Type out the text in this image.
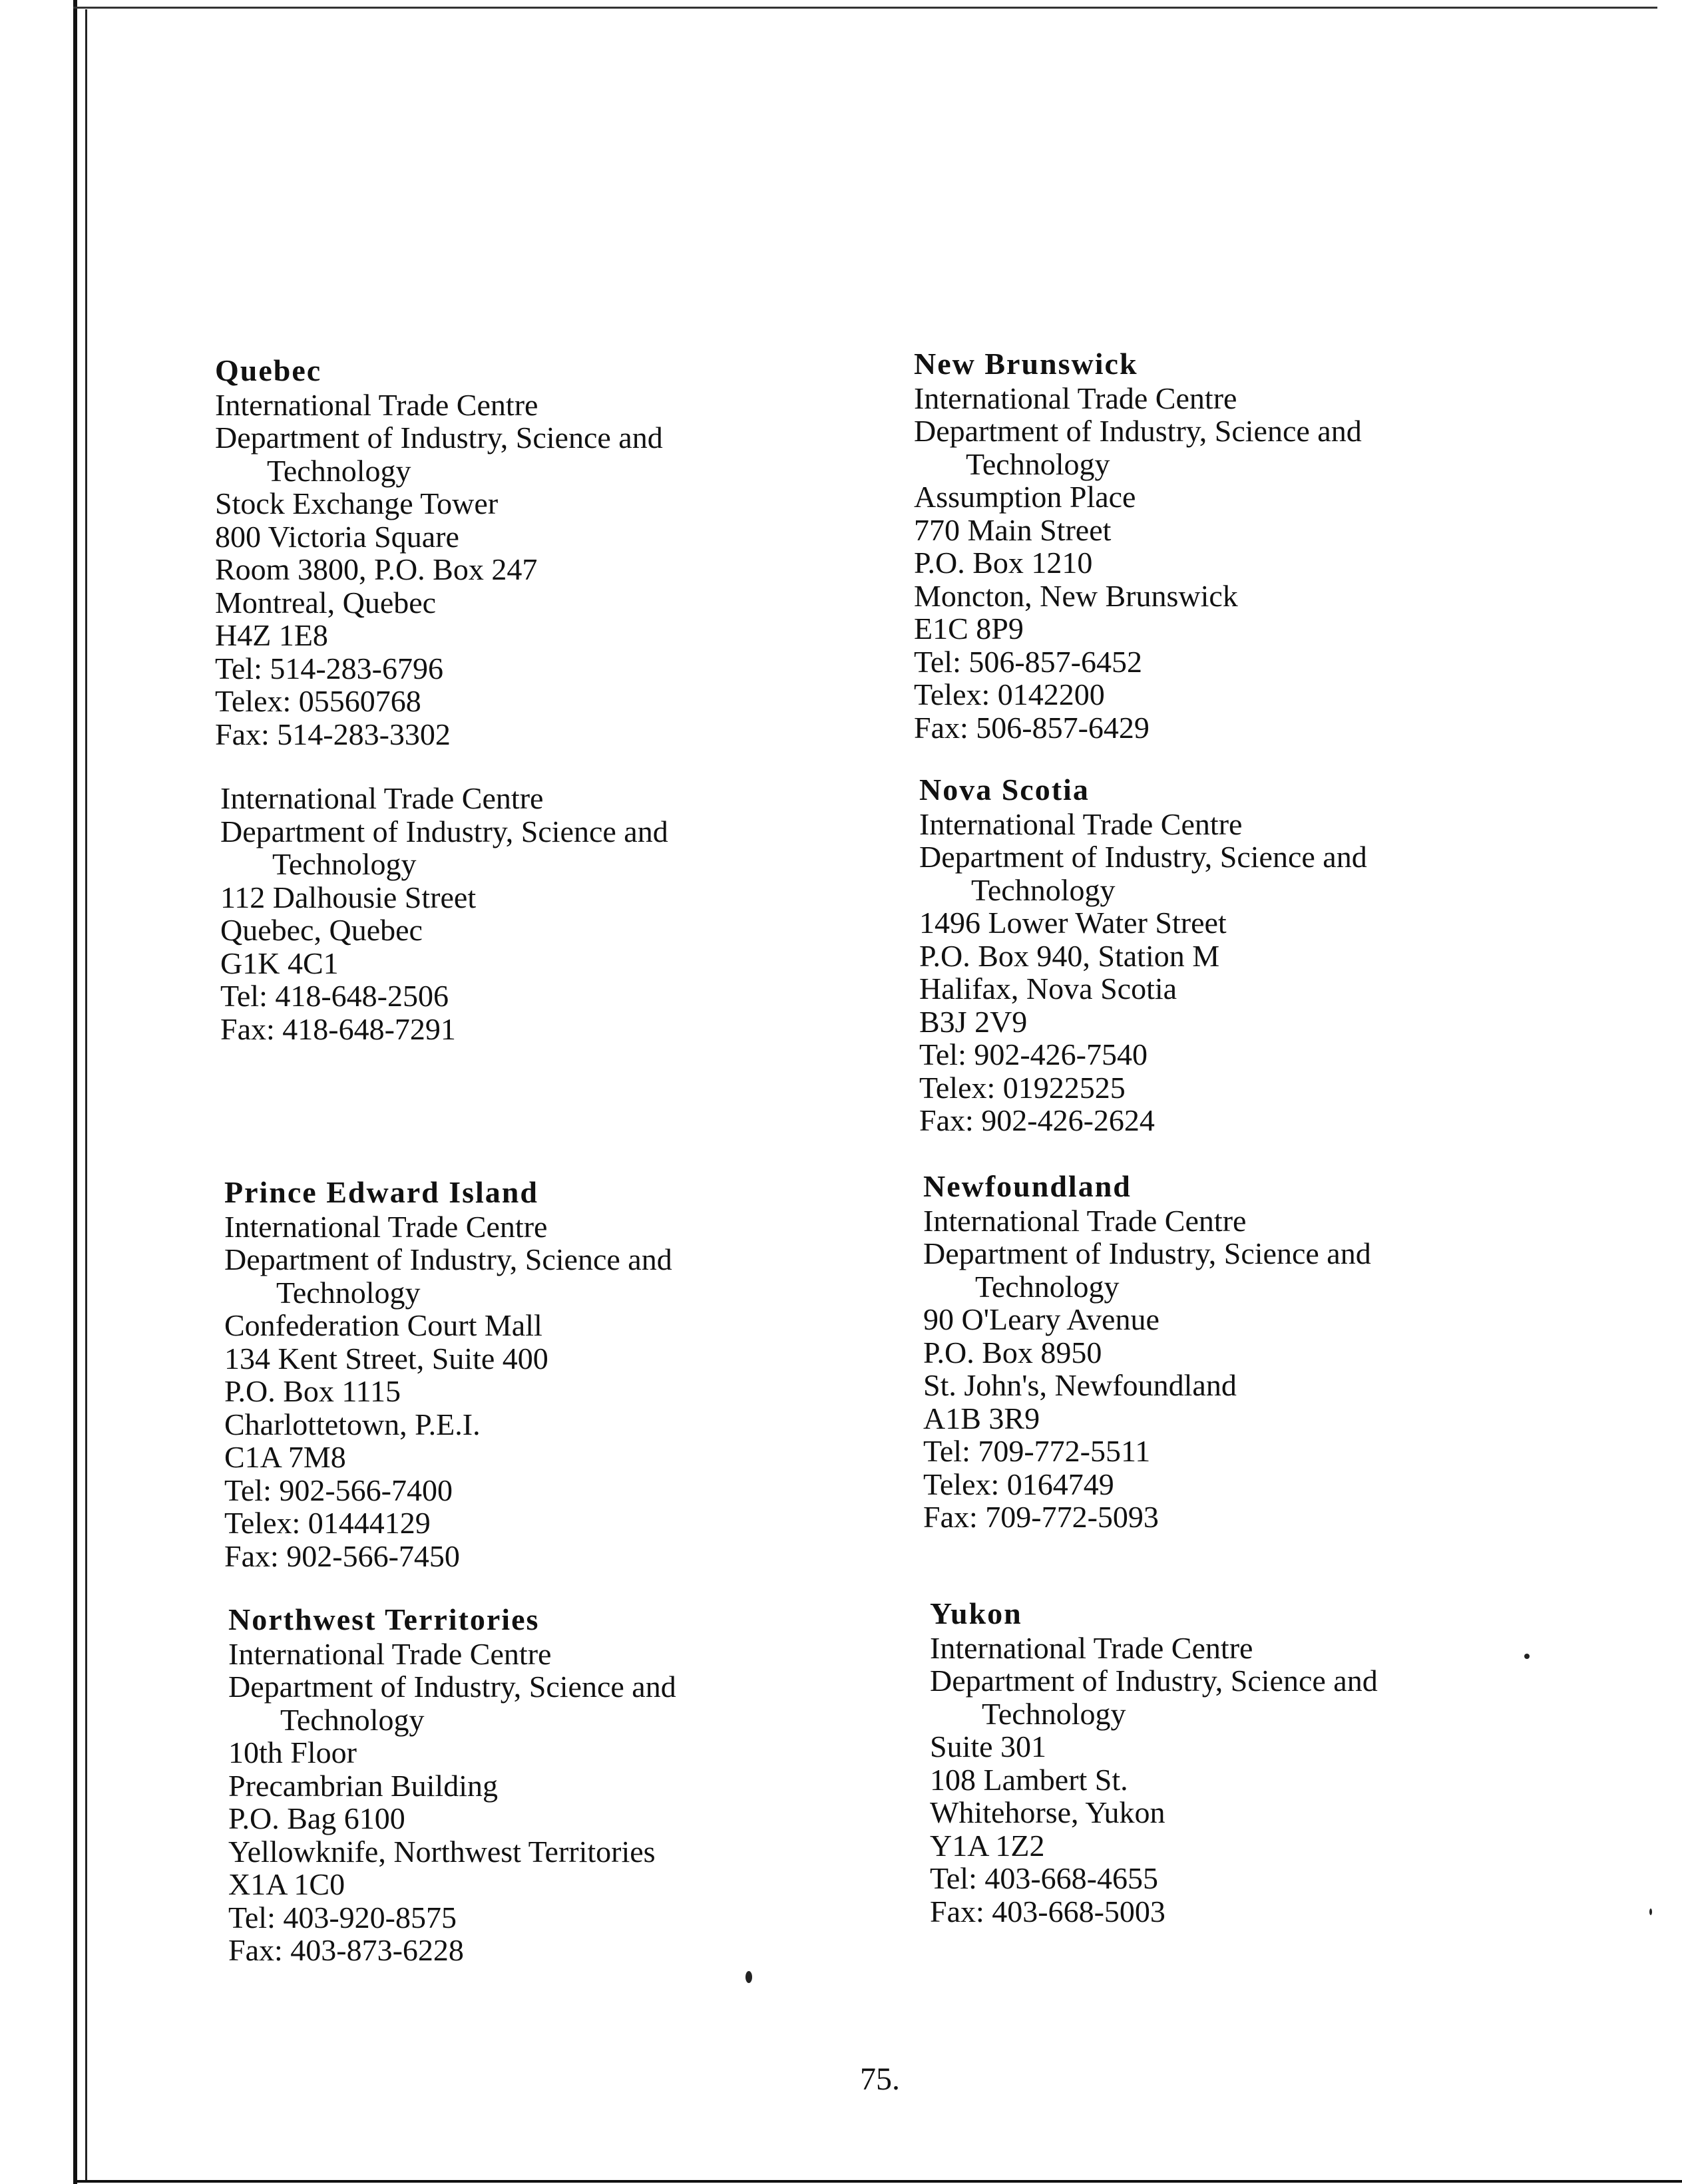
Quebec
International Trade Centre
Department of Industry, Science and
Technology
Stock Exchange Tower
800 Victoria Square
Room 3800, P.O. Box 247
Montreal, Quebec
H4Z 1E8
Tel: 514-283-6796
Telex: 05560768
Fax: 514-283-3302
New Brunswick
International Trade Centre
Department of Industry, Science and
Technology
Assumption Place
770 Main Street
P.O. Box 1210
Moncton, New Brunswick
E1C 8P9
Tel: 506-857-6452
Telex: 0142200
Fax: 506-857-6429
International Trade Centre
Department of Industry, Science and
Technology
112 Dalhousie Street
Quebec, Quebec
G1K 4C1
Tel: 418-648-2506
Fax: 418-648-7291
Nova Scotia
International Trade Centre
Department of Industry, Science and
Technology
1496 Lower Water Street
P.O. Box 940, Station M
Halifax, Nova Scotia
B3J 2V9
Tel: 902-426-7540
Telex: 01922525
Fax: 902-426-2624
Prince Edward Island
International Trade Centre
Department of Industry, Science and
Technology
Confederation Court Mall
134 Kent Street, Suite 400
P.O. Box 1115
Charlottetown, P.E.I.
C1A 7M8
Tel: 902-566-7400
Telex: 01444129
Fax: 902-566-7450
Newfoundland
International Trade Centre
Department of Industry, Science and
Technology
90 O'Leary Avenue
P.O. Box 8950
St. John's, Newfoundland
A1B 3R9
Tel: 709-772-5511
Telex: 0164749
Fax: 709-772-5093
Northwest Territories
International Trade Centre
Department of Industry, Science and
Technology
10th Floor
Precambrian Building
P.O. Bag 6100
Yellowknife, Northwest Territories
X1A 1C0
Tel: 403-920-8575
Fax: 403-873-6228
Yukon
International Trade Centre
Department of Industry, Science and
Technology
Suite 301
108 Lambert St.
Whitehorse, Yukon
Y1A 1Z2
Tel: 403-668-4655
Fax: 403-668-5003
75.
